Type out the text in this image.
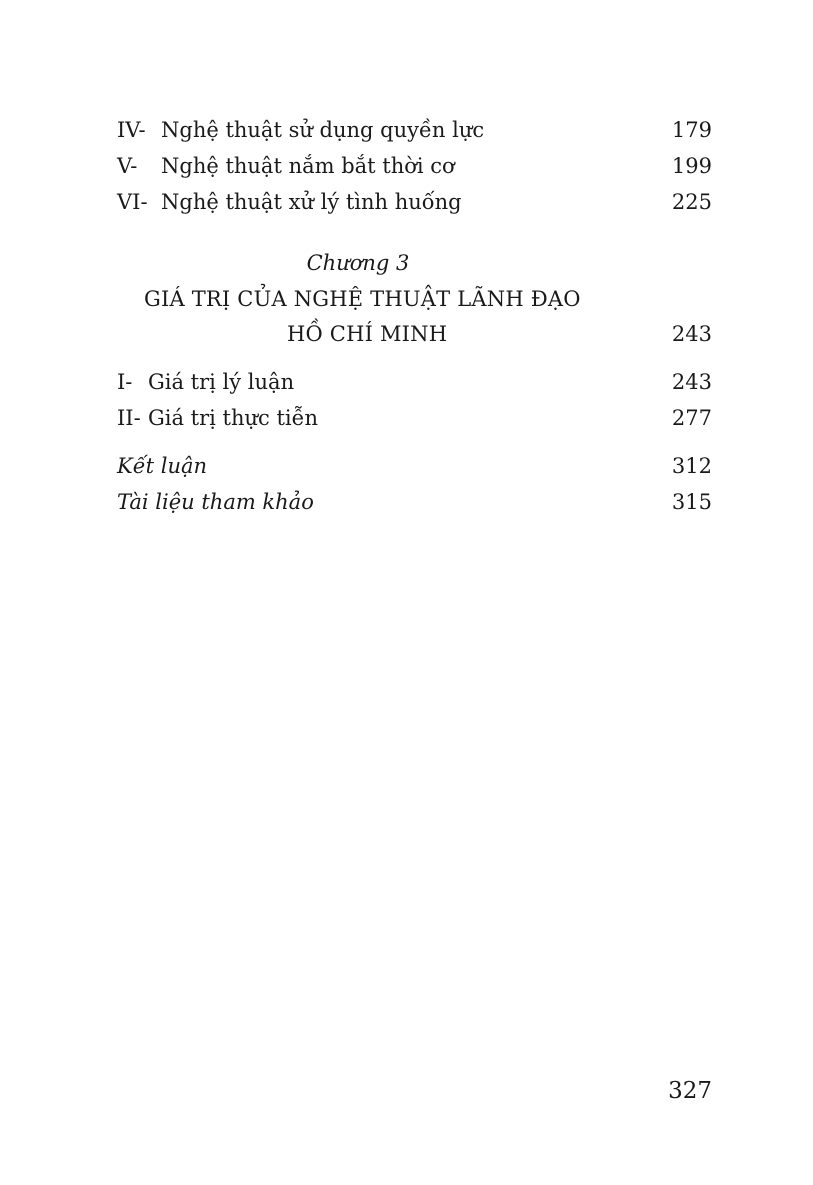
IV- Nghệ thuật sử dụng quyền lực	179
V- Nghệ thuật nắm bắt thời cơ	199
VI- Nghệ thuật xử lý tình huống	225
Chương 3
GIÁ TRỊ CỦA NGHỆ THUẬT LÃNH ĐẠO
HỒ CHÍ MINH	243
I- Giá trị lý luận	243
II- Giá trị thực tiễn	277
Kết luận	312
Tài liệu tham khảo	315
327
